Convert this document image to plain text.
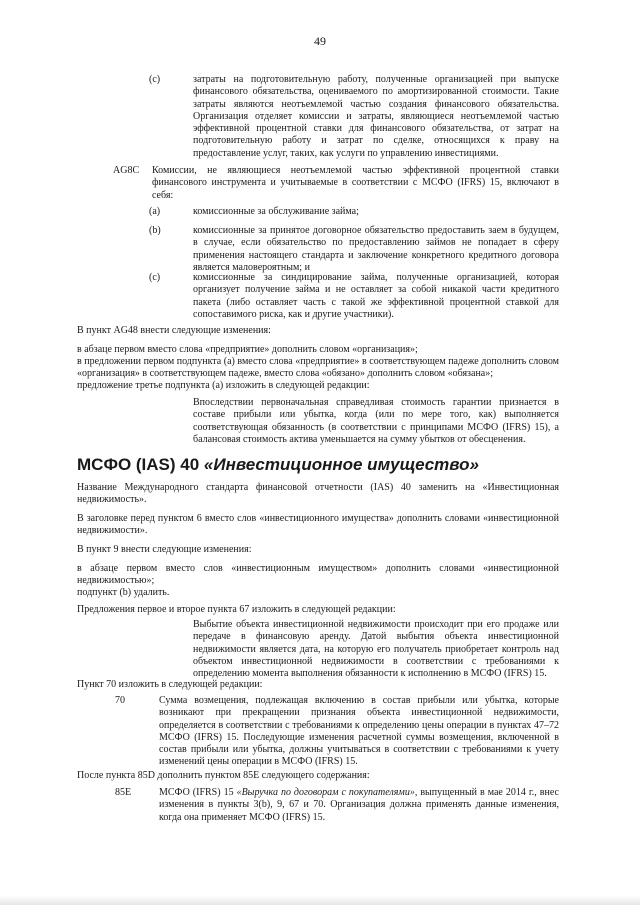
49
(c)	затраты на подготовительную работу, полученные организацией при выпуске финансового обязательства, оцениваемого по амортизированной стоимости. Такие затраты являются неотъемлемой частью создания финансового обязательства. Организация отделяет комиссии и затраты, являющиеся неотъемлемой частью эффективной процентной ставки для финансового обязательства, от затрат на подготовительную работу и затрат по сделке, относящихся к праву на предоставление услуг, таких, как услуги по управлению инвестициями.

AG8C Комиссии, не являющиеся неотъемлемой частью эффективной процентной ставки финансового инструмента и учитываемые в соответствии с МСФО (IFRS) 15, включают в себя:

(a)	комиссионные за обслуживание займа;

(b)	комиссионные за принятое договорное обязательство предоставить заем в будущем, в случае, если обязательство по предоставлению займов не попадает в сферу применения настоящего стандарта и заключение конкретного кредитного договора является маловероятным; и

(c)	комиссионные за синдицирование займа, полученные организацией, которая организует получение займа и не оставляет за собой никакой части кредитного пакета (либо оставляет часть с такой же эффективной процентной ставкой для сопоставимого риска, как и другие участники).

В пункт AG48 внести следующие изменения:

в абзаце первом вместо слова «предприятие» дополнить словом «организация»;

в предложении первом подпункта (a) вместо слова «предприятие» в соответствующем падеже дополнить словом «организация» в соответствующем падеже, вместо слова «обязано» дополнить словом «обязана»;

предложение третье подпункта (a) изложить в следующей редакции:

Впоследствии первоначальная справедливая стоимость гарантии признается в составе прибыли или убытка, когда (или по мере того, как) выполняется соответствующая обязанность (в соответствии с принципами МСФО (IFRS) 15), а балансовая стоимость актива уменьшается на сумму убытков от обесценения.

МСФО (IAS) 40 «Инвестиционное имущество»

Название Международного стандарта финансовой отчетности (IAS) 40 заменить на «Инвестиционная недвижимость».

В заголовке перед пунктом 6 вместо слов «инвестиционного имущества» дополнить словами «инвестиционной недвижимости».

В пункт 9 внести следующие изменения:

в абзаце первом вместо слов «инвестиционным имуществом» дополнить словами «инвестиционной недвижимостью»;

подпункт (b) удалить.

Предложения первое и второе пункта 67 изложить в следующей редакции:

Выбытие объекта инвестиционной недвижимости происходит при его продаже или передаче в финансовую аренду. Датой выбытия объекта инвестиционной недвижимости является дата, на которую его получатель приобретает контроль над объектом инвестиционной недвижимости в соответствии с требованиями к определению момента выполнения обязанности к исполнению в МСФО (IFRS) 15.

Пункт 70 изложить в следующей редакции:

70	Сумма возмещения, подлежащая включению в состав прибыли или убытка, которые возникают при прекращении признания объекта инвестиционной недвижимости, определяется в соответствии с требованиями к определению цены операции в пунктах 47–72 МСФО (IFRS) 15. Последующие изменения расчетной суммы возмещения, включенной в состав прибыли или убытка, должны учитываться в соответствии с требованиями к учету изменений цены операции в МСФО (IFRS) 15.

После пункта 85D дополнить пунктом 85E следующего содержания:

85E	МСФО (IFRS) 15 «Выручка по договорам с покупателями», выпущенный в мае 2014 г., внес изменения в пункты 3(b), 9, 67 и 70. Организация должна применять данные изменения, когда она применяет МСФО (IFRS) 15.
